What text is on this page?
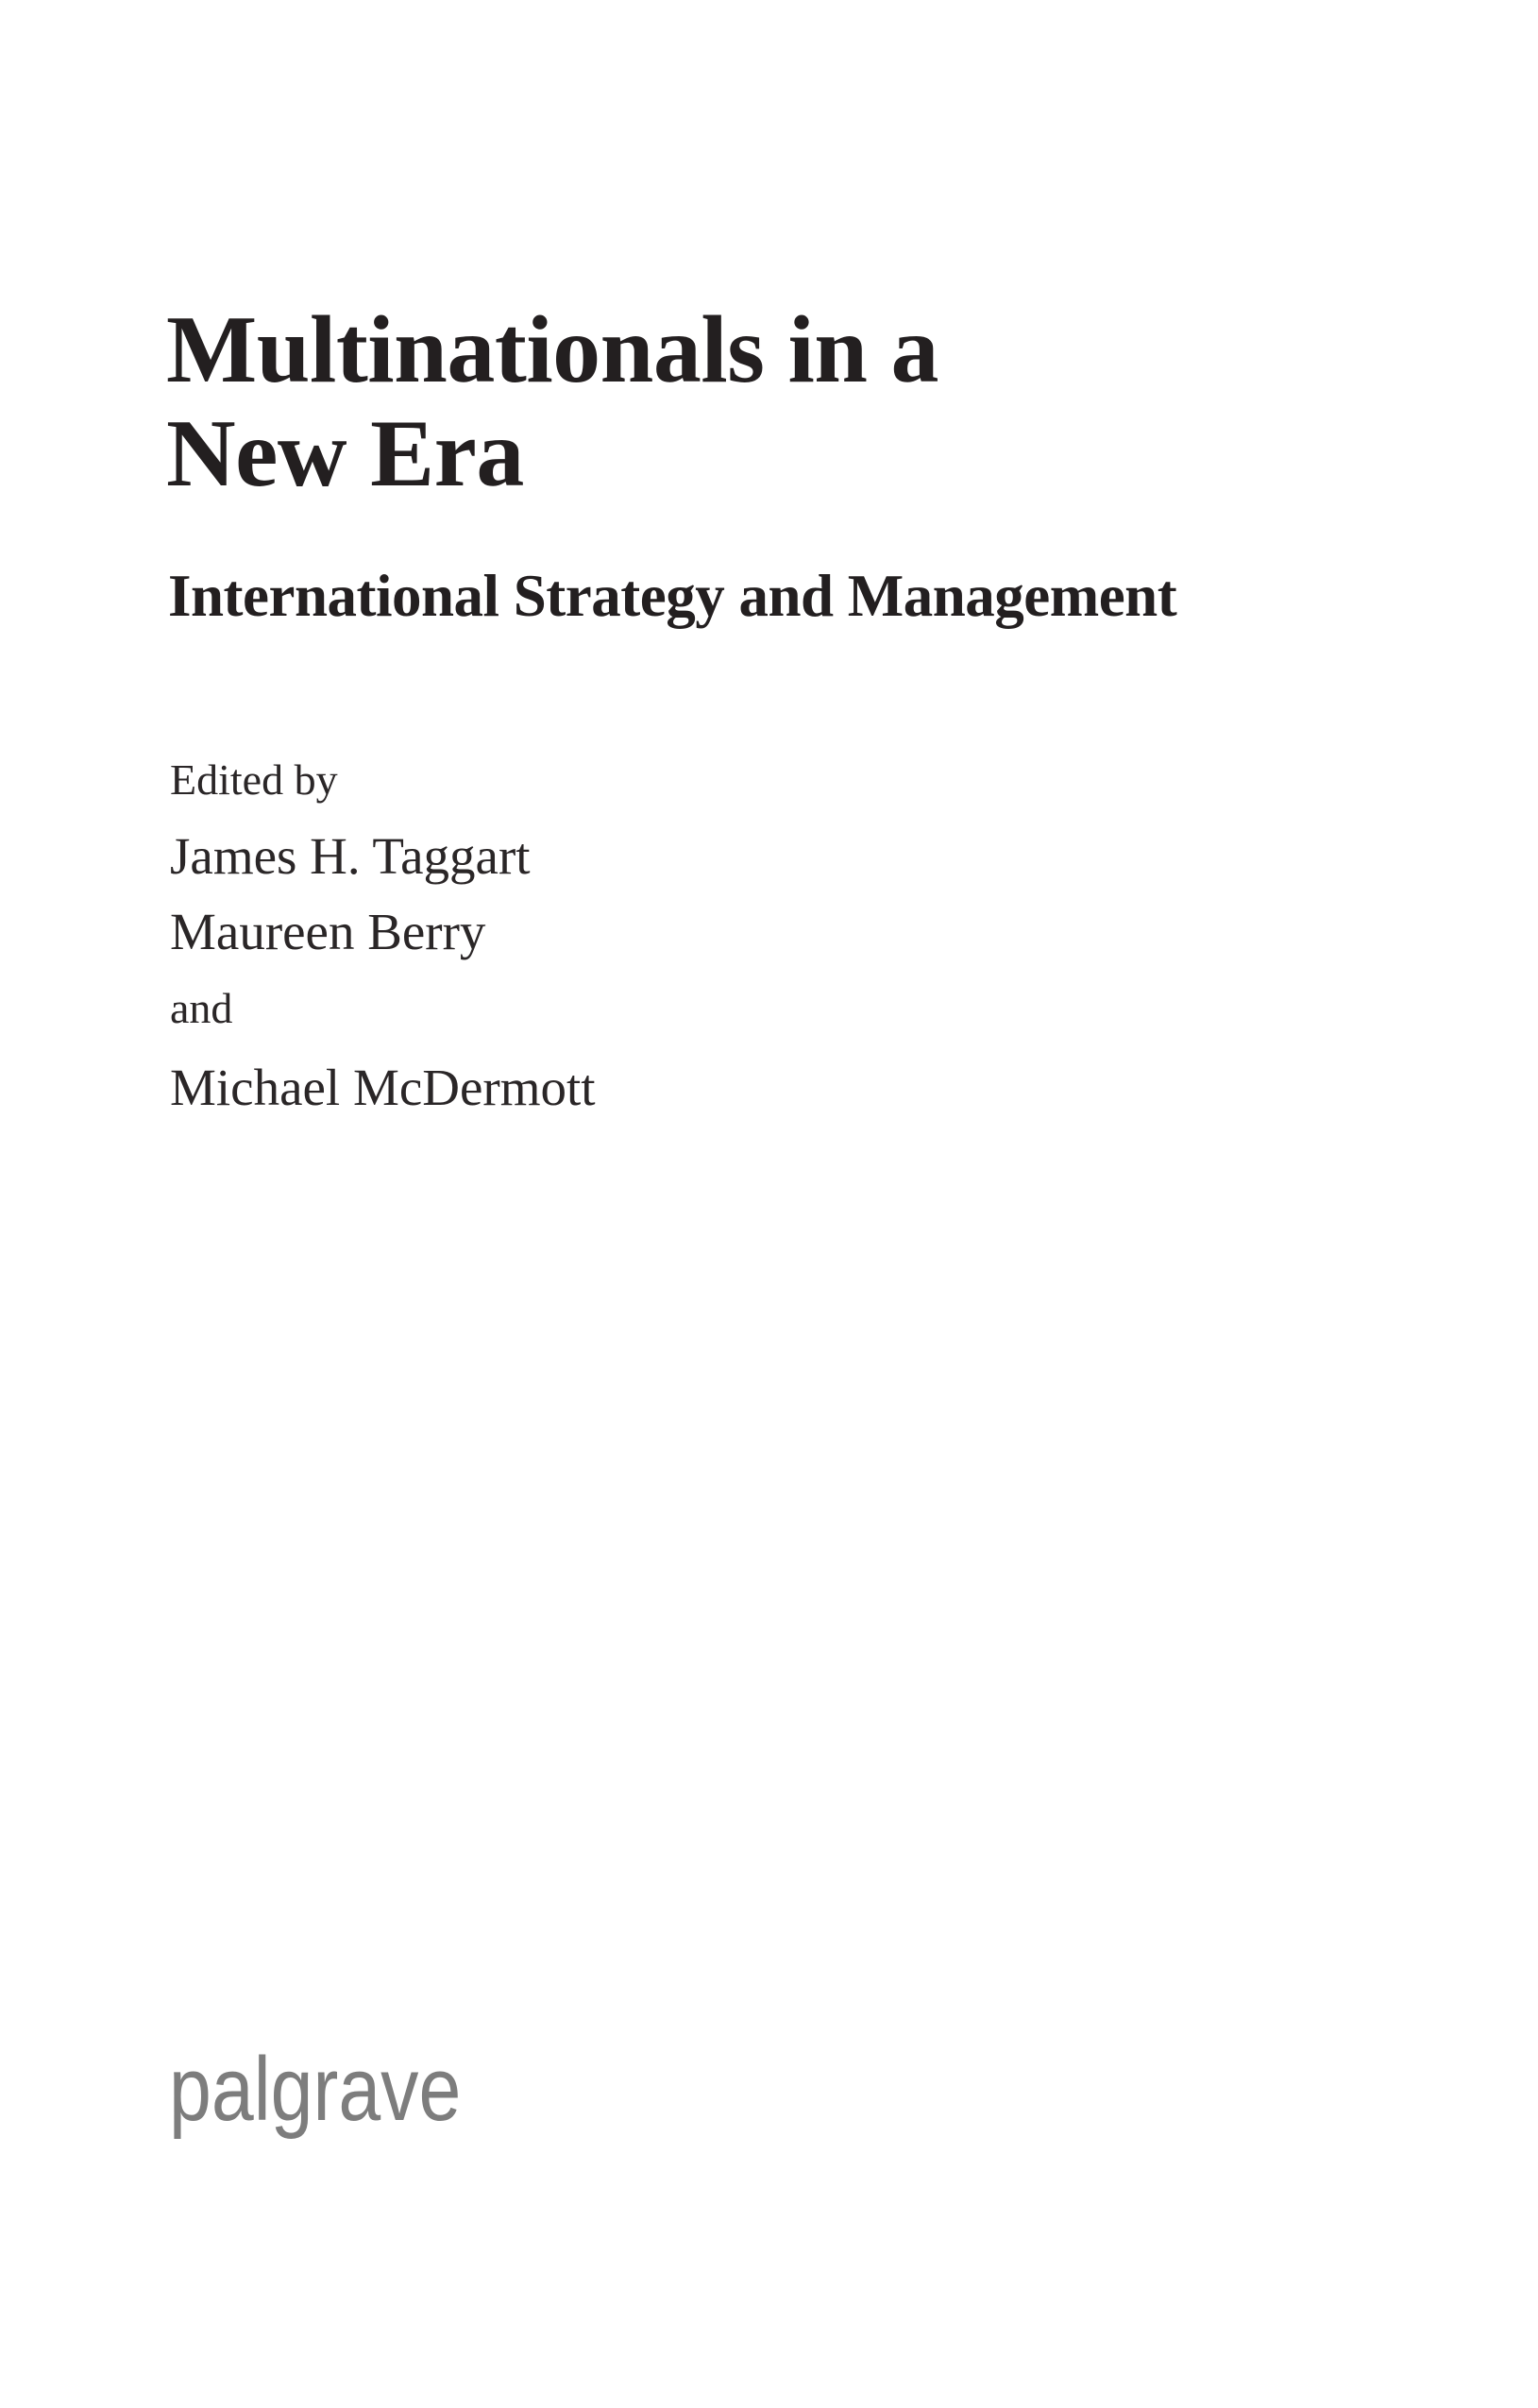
Multinationals in a
New Era
International Strategy and Management

Edited by

James H. Taggart

Maureen Berry

and

Michael McDermott

palgrave
